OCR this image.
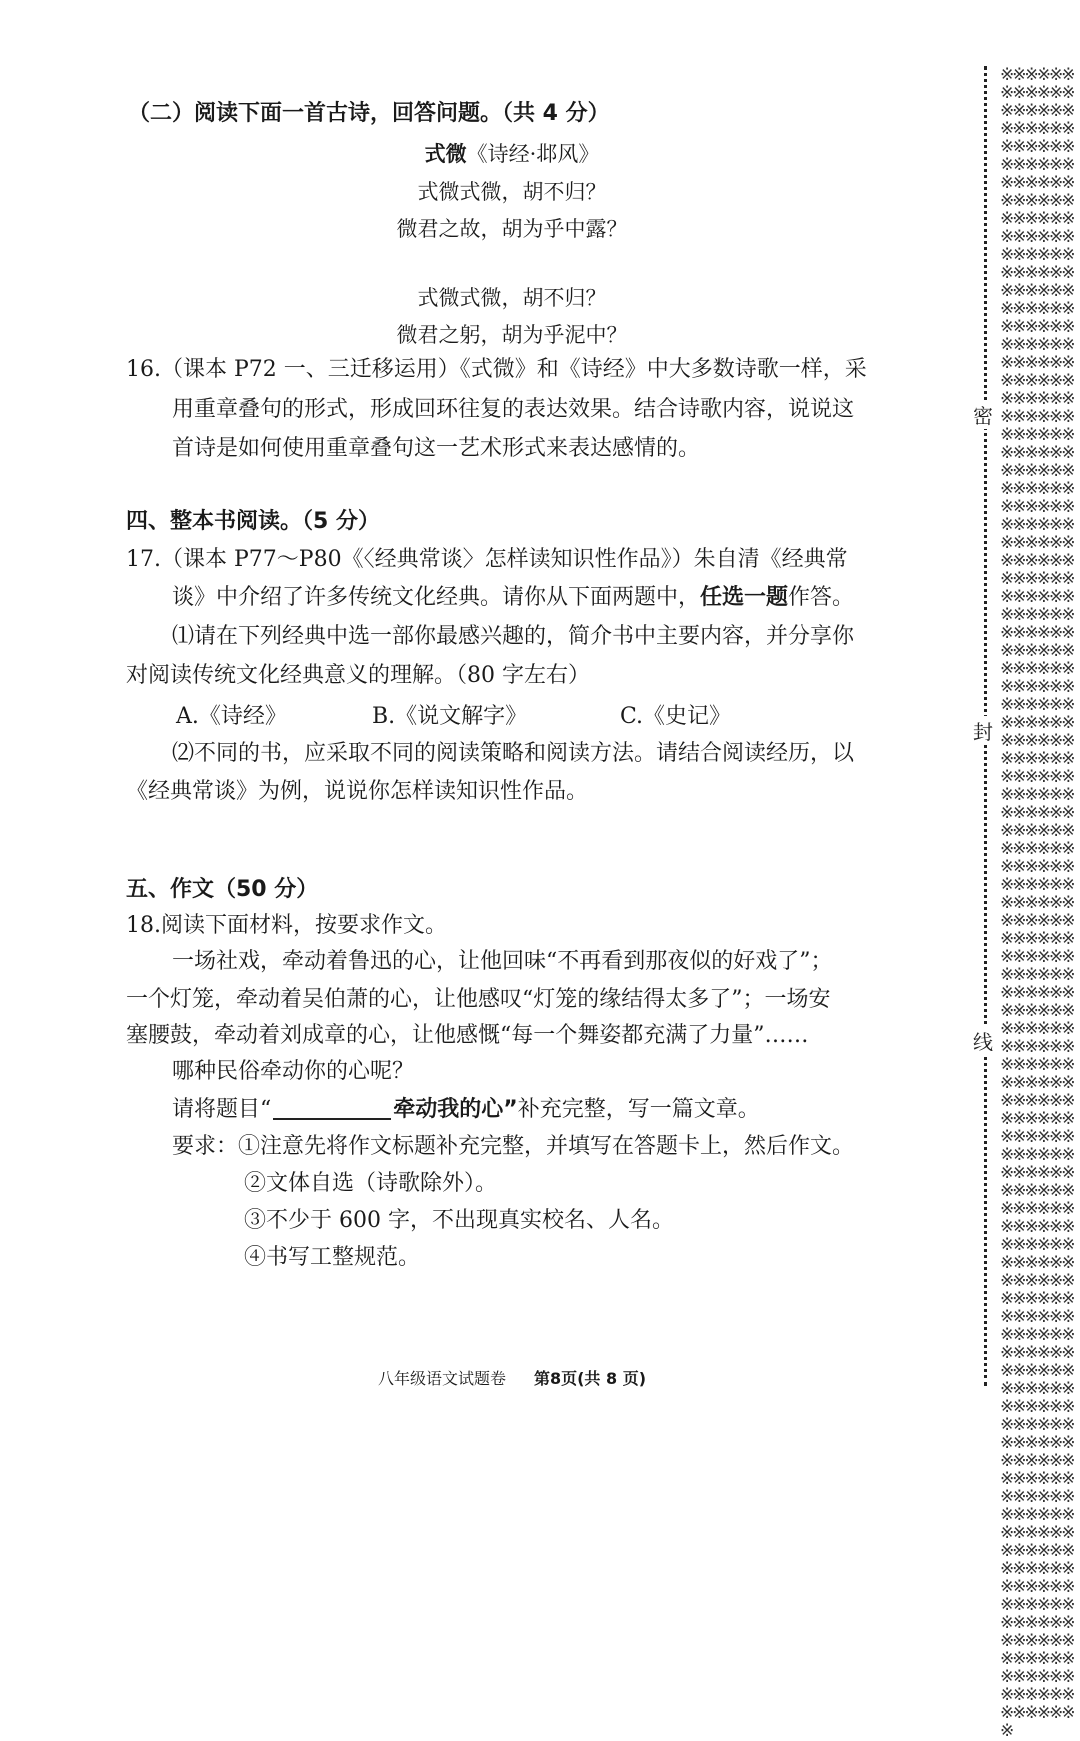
（二）阅读下面一首古诗，回答问题。（共 4 分）
式微《诗经·邶风》
式微式微，胡不归？
微君之故，胡为乎中露？
式微式微，胡不归？
微君之躬，胡为乎泥中？
16.（课本 P72 一、三迁移运用）《式微》和《诗经》中大多数诗歌一样，采
用重章叠句的形式，形成回环往复的表达效果。结合诗歌内容，说说这
首诗是如何使用重章叠句这一艺术形式来表达感情的。
四、整本书阅读。（5 分）
17.（课本 P77～P80《〈经典常谈〉怎样读知识性作品》）朱自清《经典常
谈》中介绍了许多传统文化经典。请你从下面两题中，任选一题作答。
⑴请在下列经典中选一部你最感兴趣的，简介书中主要内容，并分享你
对阅读传统文化经典意义的理解。（80 字左右）
A.《诗经》	B.《说文解字》	C.《史记》
⑵不同的书，应采取不同的阅读策略和阅读方法。请结合阅读经历，以
《经典常谈》为例，说说你怎样读知识性作品。
五、作文（50 分）
18.阅读下面材料，按要求作文。
一场社戏，牵动着鲁迅的心，让他回味“不再看到那夜似的好戏了”；
一个灯笼，牵动着吴伯萧的心，让他感叹“灯笼的缘结得太多了”；一场安
塞腰鼓，牵动着刘成章的心，让他感慨“每一个舞姿都充满了力量”……
哪种民俗牵动你的心呢？
请将题目“	牵动我的心”补充完整，写一篇文章。
要求：①注意先将作文标题补充完整，并填写在答题卡上，然后作文。
②文体自选（诗歌除外）。
③不少于 600 字，不出现真实校名、人名。
④书写工整规范。
八年级语文试题卷 第8页(共 8 页)
※※※※※※※※※※※※※※※※※※※※※※※※※※※※※※※※※※※※※※※※※※※※※※※※※※※※※※※※※※※※※※※※※※※※※※※※※※※※※※※※※※※※※※※※※※※※※※※※※※※※※※※※※※※※※※※※※※※※※※※※※※※※※※※※※※※※※※※※※※※※※※※※※※※※※※※※※※※※※※※※※※※※※※※※※※※※※※※※※※※※※※※※※※※※※※※※※※※※※※※※※※※※※※※※※※※※※※※※※※※※※※※※※※※※※※※※※※※※※※※※※※※※※※※※※※※※※※※※※※※※※※※※※※※※※※※※※※※※※※※※※※※※※※※※※※※※※※※※※※※※※※※※※※※※※※※※※※※※※※※※※※※※※※※※※※※※※※※※※※※※※※※※※※※※※※※※※※※※※※※※※※※※※※※※※※※※※※※※※※※※※※※※※※※※※※※※※※※※※※※※※※※※※※※※※※※※※※※※※※※※※※※※※※※※※※※※※※※※※※※※※※※※※※※※※※※※※※※※※※※※※※※※※※※※※※※※※※※※※※※※※※※※※※※※※※※※※※※※※※※※※※※※※※※※※※※※※※※※※※※※※※※※※※※※※※※※※※※※※※※※※※※※※※※※※※※※※
密
封
线
